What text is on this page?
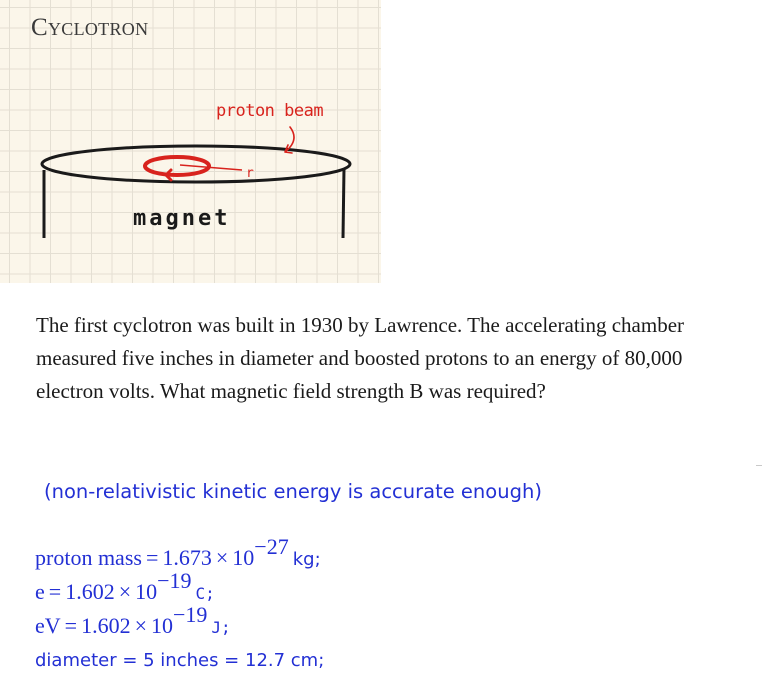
Cyclotron
proton beam
r
magnet
The first cyclotron was built in 1930 by Lawrence. The accelerating chamber measured five inches in diameter and boosted protons to an energy of 80,000 electron volts. What magnetic field strength B was required?
(non-relativistic kinetic energy is accurate enough)
proton mass = $1.673 \times 10^{-27}$ kg;
$e = 1.602 \times 10^{-19}$ C;
eV = $1.602 \times 10^{-19}$ J;
diameter = 5 inches = 12.7 cm;
